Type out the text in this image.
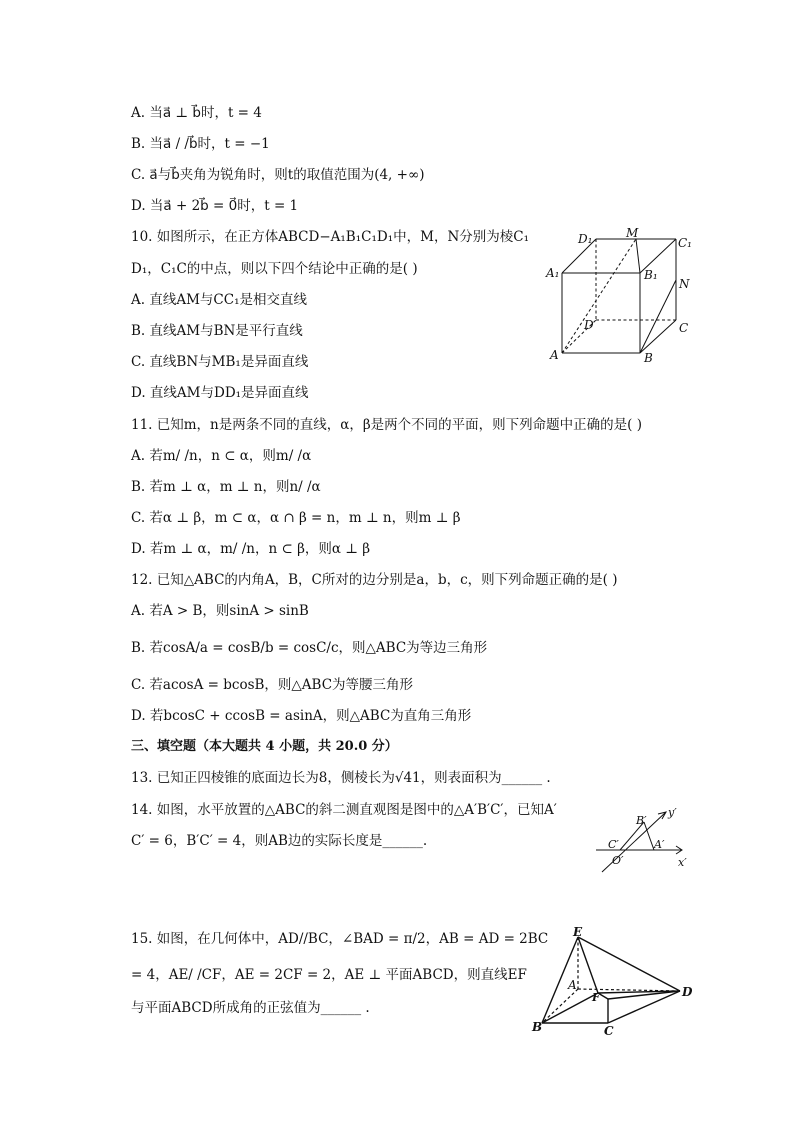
A. 当a⃗ ⊥ b⃗时，t = 4
B. 当a⃗ / /b⃗时，t = −1
C. a⃗与b⃗夹角为锐角时，则t的取值范围为(4, +∞)
D. 当a⃗ + 2b⃗ = 0⃗时，t = 1
10. 如图所示，在正方体ABCD−A₁B₁C₁D₁中，M，N分别为棱C₁
D₁，C₁C的中点，则以下四个结论中正确的是( )
A. 直线AM与CC₁是相交直线
B. 直线AM与BN是平行直线
C. 直线BN与MB₁是异面直线
D. 直线AM与DD₁是异面直线
11. 已知m，n是两条不同的直线，α，β是两个不同的平面，则下列命题中正确的是( )
A. 若m/ /n，n ⊂ α，则m/ /α
B. 若m ⊥ α，m ⊥ n，则n/ /α
C. 若α ⊥ β，m ⊂ α，α ∩ β = n，m ⊥ n，则m ⊥ β
D. 若m ⊥ α，m/ /n，n ⊂ β，则α ⊥ β
12. 已知△ABC的内角A，B，C所对的边分别是a，b，c，则下列命题正确的是( )
A. 若A > B，则sinA > sinB
B. 若cosA/a = cosB/b = cosC/c，则△ABC为等边三角形
C. 若acosA = bcosB，则△ABC为等腰三角形
D. 若bcosC + ccosB = asinA，则△ABC为直角三角形
三、填空题（本大题共 4 小题，共 20.0 分）
13. 已知正四棱锥的底面边长为8，侧棱长为√41，则表面积为______ .
14. 如图，水平放置的△ABC的斜二测直观图是图中的△A′B′C′，已知A′
C′ = 6，B′C′ = 4，则AB边的实际长度是______.
15. 如图，在几何体中，AD//BC，∠BAD = π/2，AB = AD = 2BC
= 4，AE/ /CF，AE = 2CF = 2，AE ⊥ 平面ABCD，则直线EF
与平面ABCD所成角的正弦值为______ .
D₁	M
C₁
A₁	B₁
N
D	C
A	B
B′
y′
C′	A′
O′	x′
E
A
F	D
B	C
